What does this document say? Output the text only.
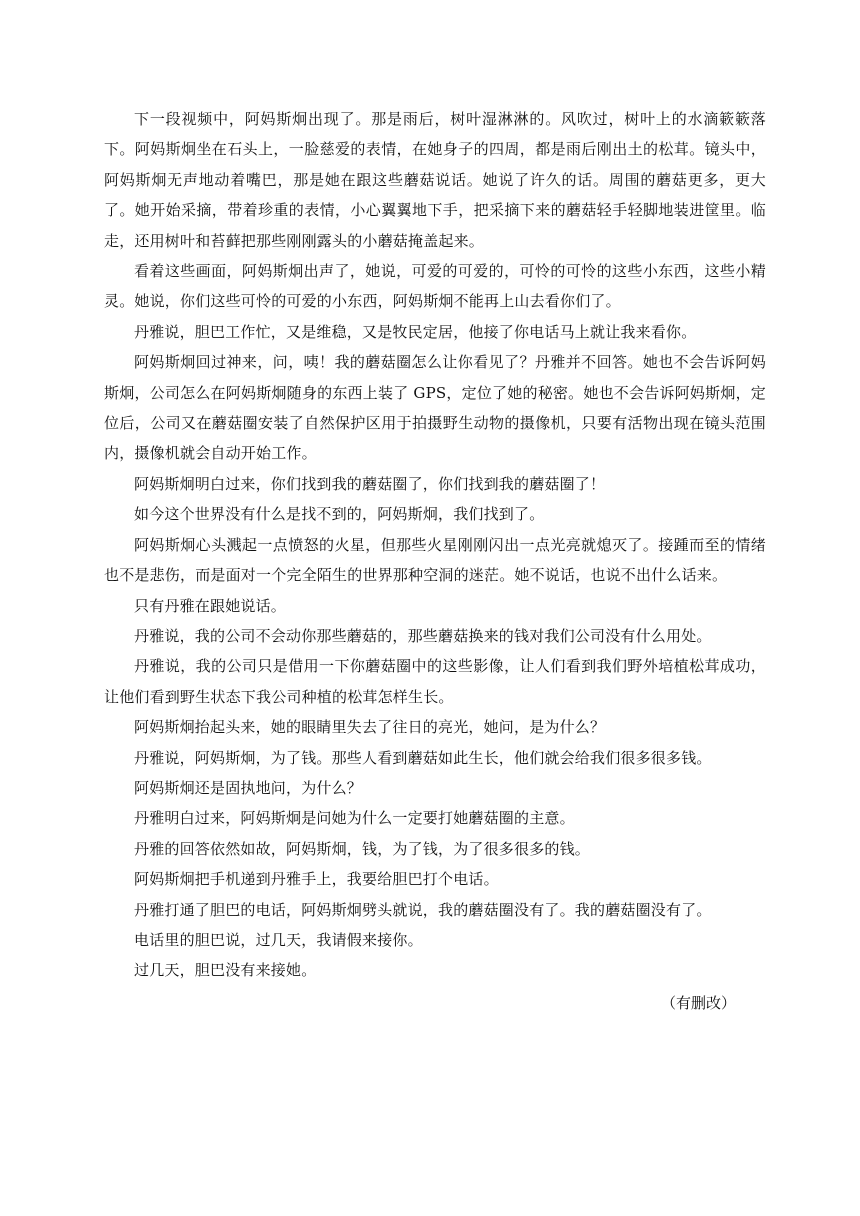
下一段视频中，阿妈斯炯出现了。那是雨后，树叶湿淋淋的。风吹过，树叶上的水滴簌簌落下。阿妈斯炯坐在石头上，一脸慈爱的表情，在她身子的四周，都是雨后刚出土的松茸。镜头中，阿妈斯炯无声地动着嘴巴，那是她在跟这些蘑菇说话。她说了许久的话。周围的蘑菇更多，更大了。她开始采摘，带着珍重的表情，小心翼翼地下手，把采摘下来的蘑菇轻手轻脚地装进筐里。临走，还用树叶和苔藓把那些刚刚露头的小蘑菇掩盖起来。

看着这些画面，阿妈斯炯出声了，她说，可爱的可爱的，可怜的可怜的这些小东西，这些小精灵。她说，你们这些可怜的可爱的小东西，阿妈斯炯不能再上山去看你们了。

丹雅说，胆巴工作忙，又是维稳，又是牧民定居，他接了你电话马上就让我来看你。

阿妈斯炯回过神来，问，咦！我的蘑菇圈怎么让你看见了？丹雅并不回答。她也不会告诉阿妈斯炯，公司怎么在阿妈斯炯随身的东西上装了 GPS，定位了她的秘密。她也不会告诉阿妈斯炯，定位后，公司又在蘑菇圈安装了自然保护区用于拍摄野生动物的摄像机，只要有活物出现在镜头范围内，摄像机就会自动开始工作。

阿妈斯炯明白过来，你们找到我的蘑菇圈了，你们找到我的蘑菇圈了！

如今这个世界没有什么是找不到的，阿妈斯炯，我们找到了。

阿妈斯炯心头溅起一点愤怒的火星，但那些火星刚刚闪出一点光亮就熄灭了。接踵而至的情绪也不是悲伤，而是面对一个完全陌生的世界那种空洞的迷茫。她不说话，也说不出什么话来。

只有丹雅在跟她说话。

丹雅说，我的公司不会动你那些蘑菇的，那些蘑菇换来的钱对我们公司没有什么用处。

丹雅说，我的公司只是借用一下你蘑菇圈中的这些影像，让人们看到我们野外培植松茸成功，让他们看到野生状态下我公司种植的松茸怎样生长。

阿妈斯炯抬起头来，她的眼睛里失去了往日的亮光，她问，是为什么？

丹雅说，阿妈斯炯，为了钱。那些人看到蘑菇如此生长，他们就会给我们很多很多钱。

阿妈斯炯还是固执地问，为什么？

丹雅明白过来，阿妈斯炯是问她为什么一定要打她蘑菇圈的主意。

丹雅的回答依然如故，阿妈斯炯，钱，为了钱，为了很多很多的钱。

阿妈斯炯把手机递到丹雅手上，我要给胆巴打个电话。

丹雅打通了胆巴的电话，阿妈斯炯劈头就说，我的蘑菇圈没有了。我的蘑菇圈没有了。

电话里的胆巴说，过几天，我请假来接你。

过几天，胆巴没有来接她。

（有删改）
